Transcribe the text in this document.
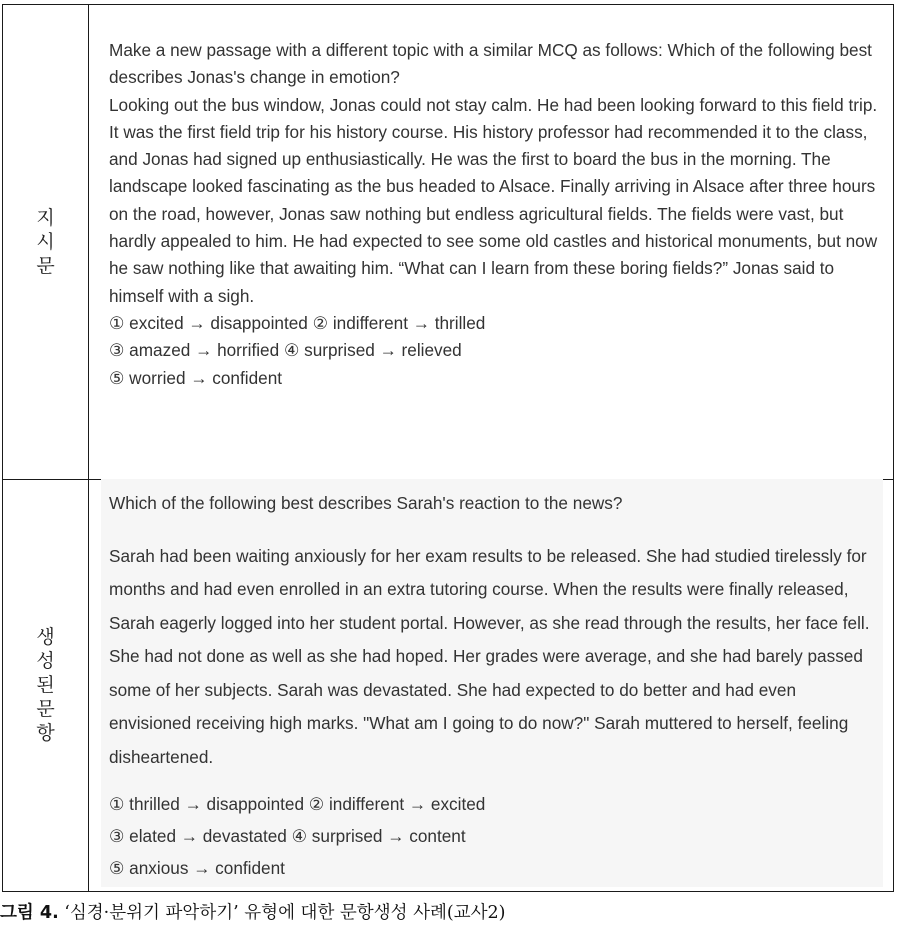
지
시
문

Make a new passage with a different topic with a similar MCQ as follows: Which of the following best describes Jonas's change in emotion?

Looking out the bus window, Jonas could not stay calm. He had been looking forward to this field trip. It was the first field trip for his history course. His history professor had recommended it to the class, and Jonas had signed up enthusiastically. He was the first to board the bus in the morning. The landscape looked fascinating as the bus headed to Alsace. Finally arriving in Alsace after three hours on the road, however, Jonas saw nothing but endless agricultural fields. The fields were vast, but hardly appealed to him. He had expected to see some old castles and historical monuments, but now he saw nothing like that awaiting him. “What can I learn from these boring fields?” Jonas said to himself with a sigh.

① excited → disappointed ② indifferent → thrilled

③ amazed → horrified ④ surprised → relieved

⑤ worried → confident

생
성
된
문
항

Which of the following best describes Sarah's reaction to the news?

Sarah had been waiting anxiously for her exam results to be released. She had studied tirelessly for months and had even enrolled in an extra tutoring course. When the results were finally released, Sarah eagerly logged into her student portal. However, as she read through the results, her face fell. She had not done as well as she had hoped. Her grades were average, and she had barely passed some of her subjects. Sarah was devastated. She had expected to do better and had even envisioned receiving high marks. "What am I going to do now?" Sarah muttered to herself, feeling disheartened.

① thrilled → disappointed ② indifferent → excited

③ elated → devastated ④ surprised → content

⑤ anxious → confident

그림 4. ‘심경·분위기 파악하기’ 유형에 대한 문항생성 사례(교사2)
